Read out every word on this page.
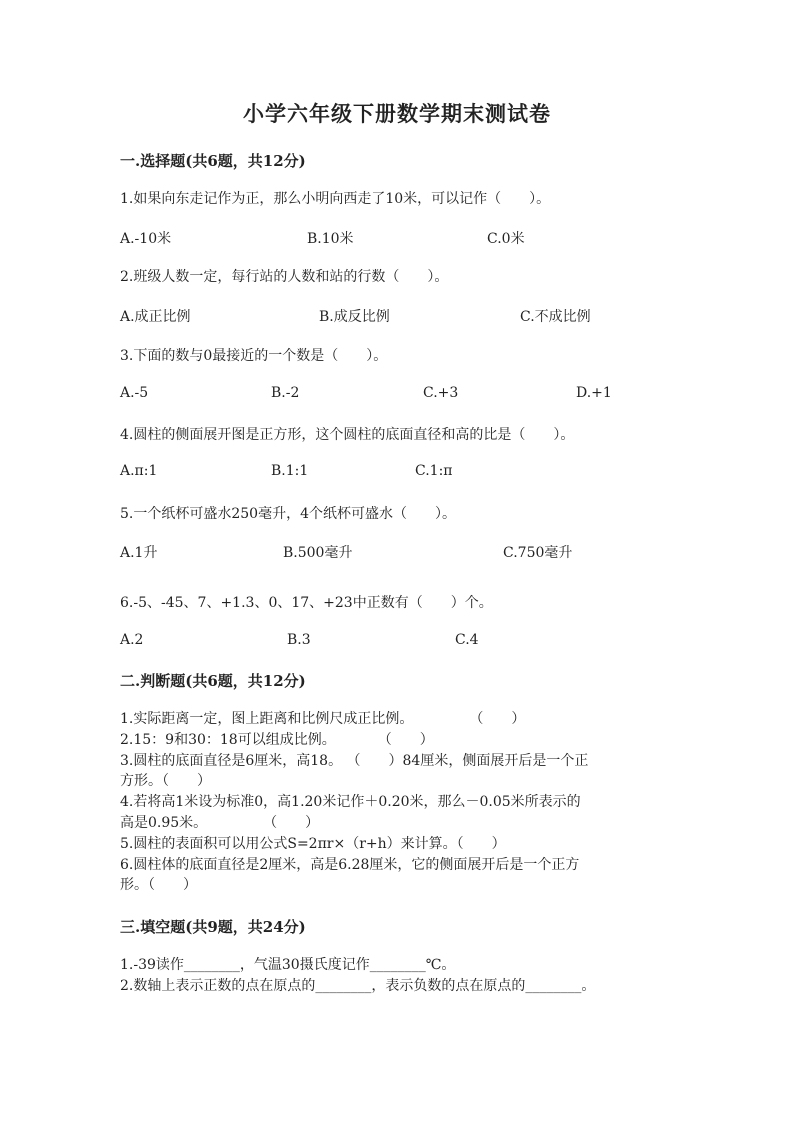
小学六年级下册数学期末测试卷
一.选择题(共6题，共12分)
1.如果向东走记作为正，那么小明向西走了10米，可以记作（　　）。
A.-10米	B.10米	C.0米
2.班级人数一定，每行站的人数和站的行数（　　）。
A.成正比例	B.成反比例	C.不成比例
3.下面的数与0最接近的一个数是（　　）。
A.-5	B.-2	C.+3	D.+1
4.圆柱的侧面展开图是正方形，这个圆柱的底面直径和高的比是（　　）。
A.π:1	B.1:1	C.1:π
5.一个纸杯可盛水250毫升，4个纸杯可盛水（　　）。
A.1升	B.500毫升	C.750毫升
6.-5、-45、7、+1.3、0、17、+23中正数有（　　）个。
A.2	B.3	C.4
二.判断题(共6题，共12分)
1.实际距离一定，图上距离和比例尺成正比例。　　　　　（　　）
2.15：9和30：18可以组成比例。　　　　（　　）
3.圆柱的底面直径是6厘米，高18。 （　　）84厘米，侧面展开后是一个正
方形。（　　）
4.若将高1米设为标准0，高1.20米记作＋0.20米，那么－0.05米所表示的
高是0.95米。　　　　　（　　）
5.圆柱的表面积可以用公式S=2πr×（r+h）来计算。（　　）
6.圆柱体的底面直径是2厘米，高是6.28厘米，它的侧面展开后是一个正方
形。（　　）
三.填空题(共9题，共24分)
1.-39读作________，气温30摄氏度记作________℃。
2.数轴上表示正数的点在原点的________，表示负数的点在原点的________。
